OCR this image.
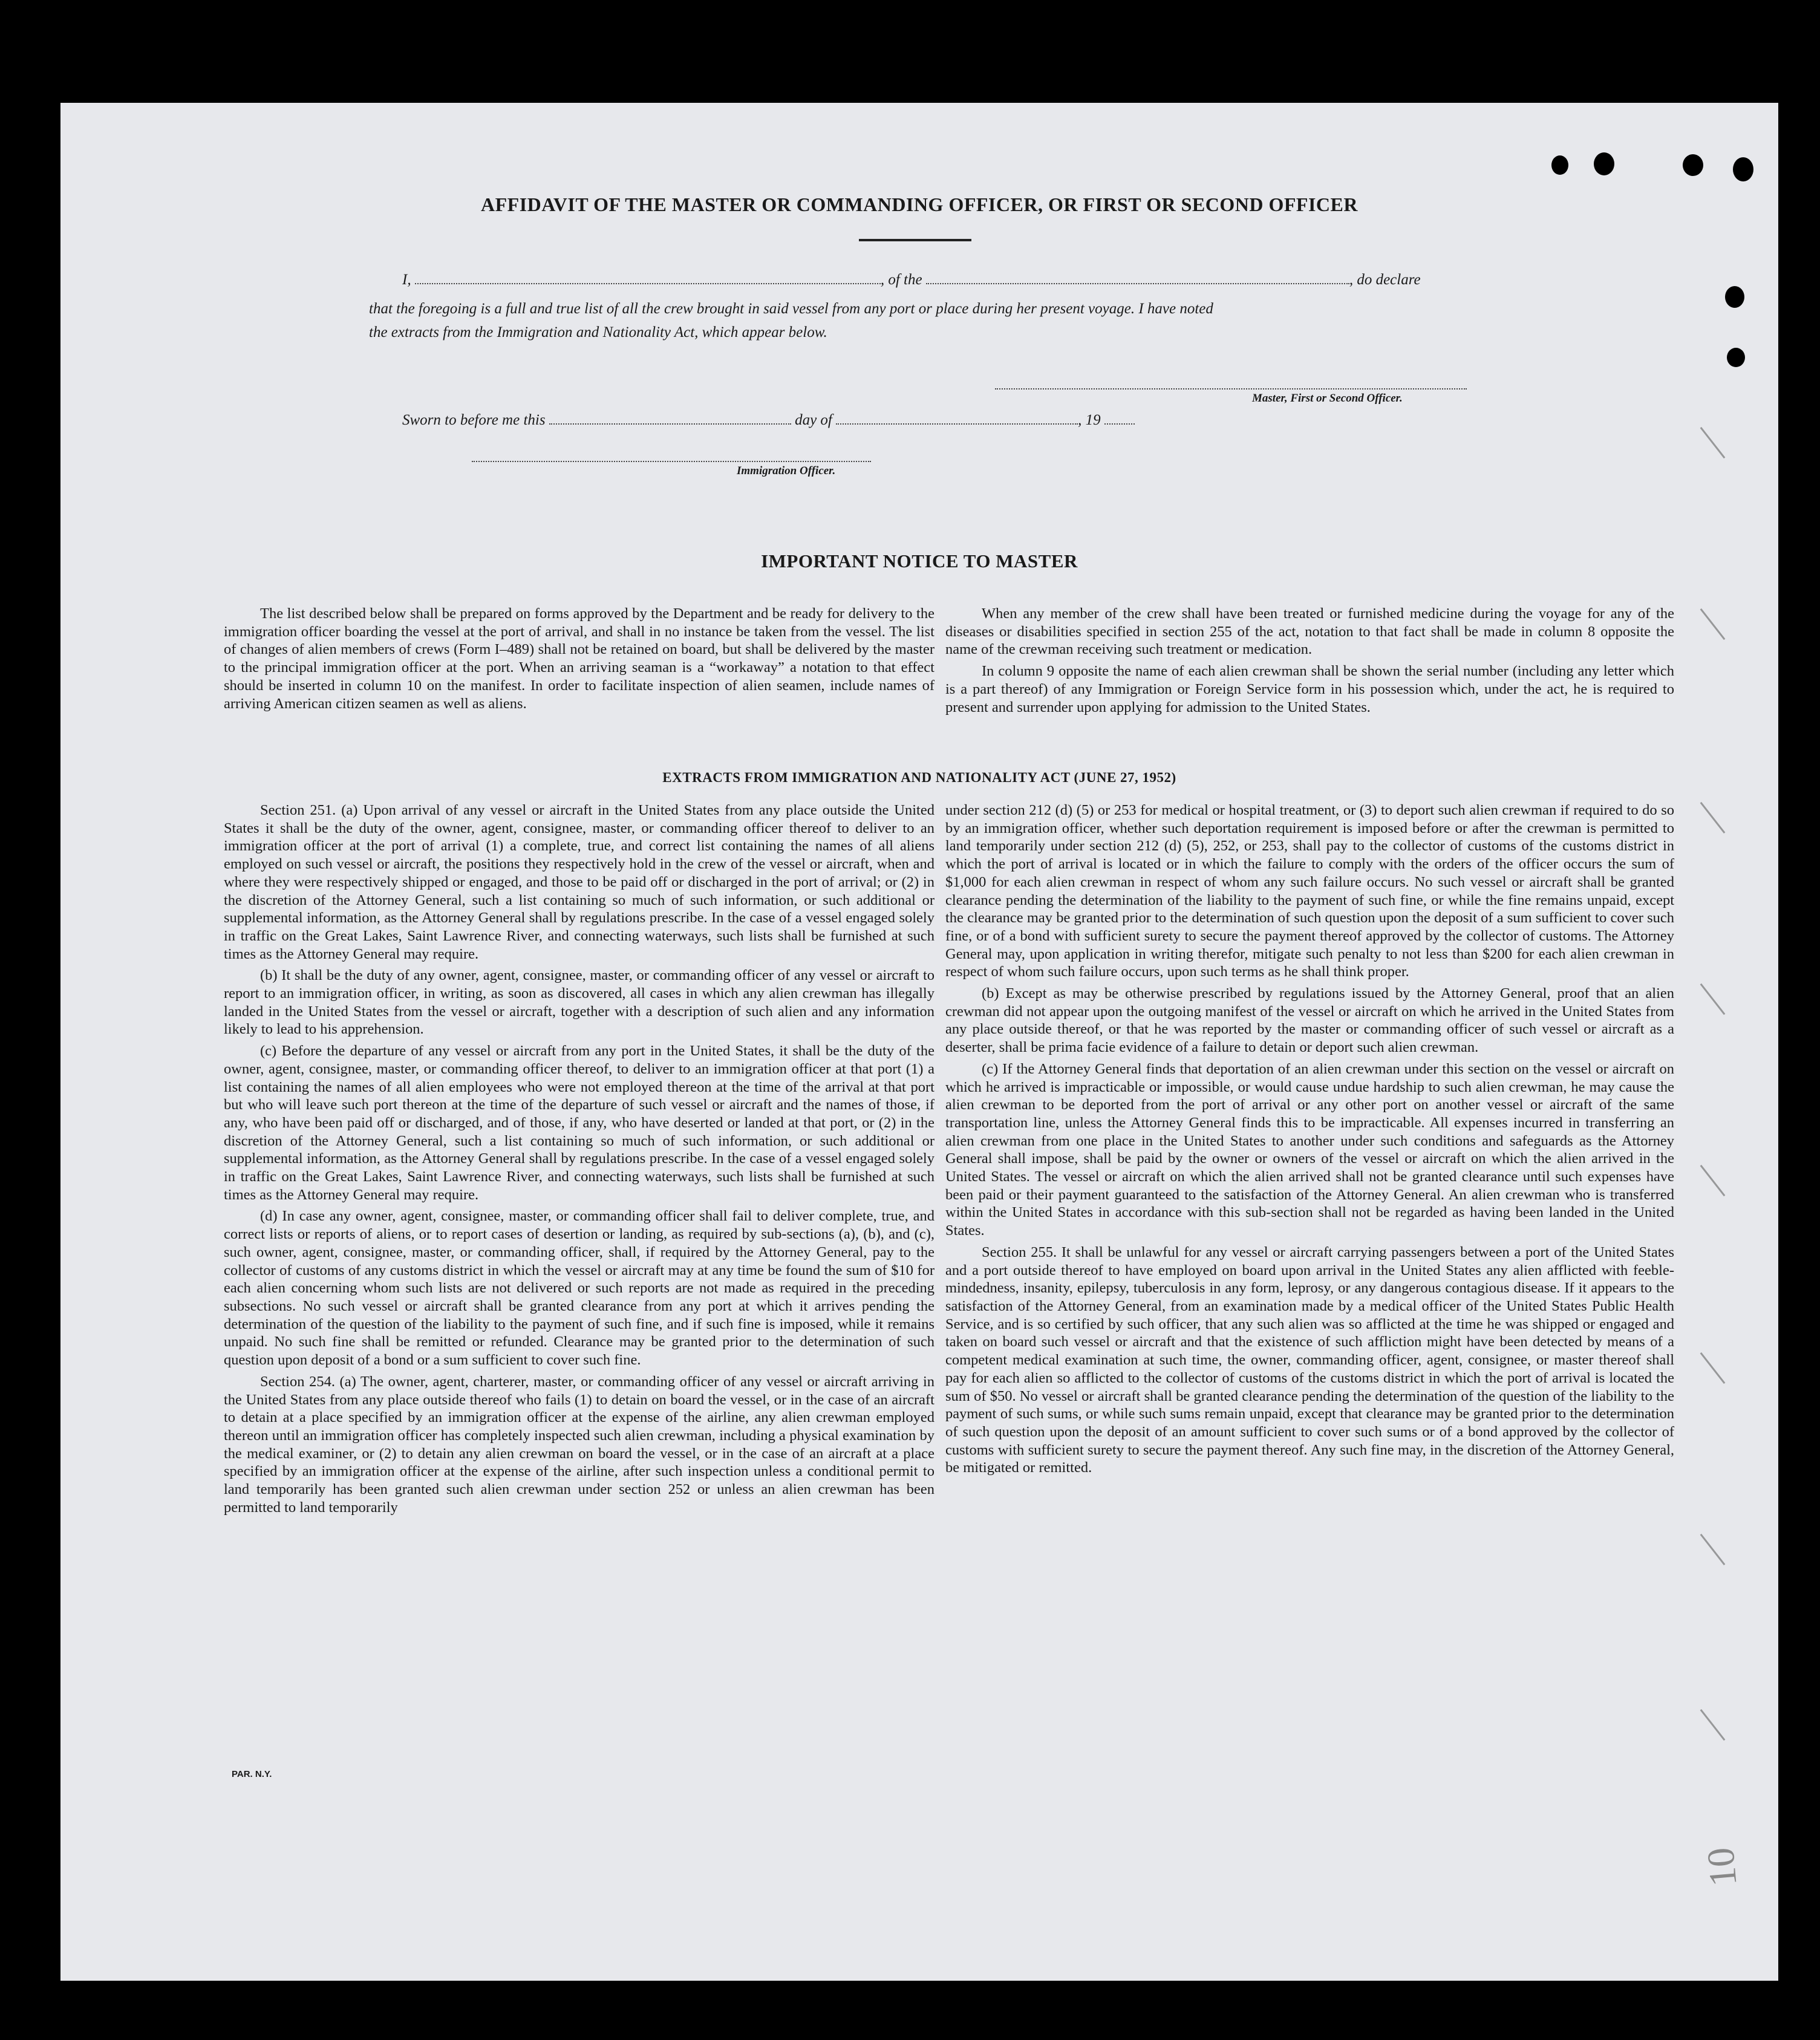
AFFIDAVIT OF THE MASTER OR COMMANDING OFFICER, OR FIRST OR SECOND OFFICER
I,	, of the	, do declare
that the foregoing is a full and true list of all the crew brought in said vessel from any port or place during her present voyage. I have noted
the extracts from the Immigration and Nationality Act, which appear below.
Master, First or Second Officer.
Sworn to before me this	day of	, 19
Immigration Officer.
IMPORTANT NOTICE TO MASTER

The list described below shall be prepared on forms approved by the Department and be ready for delivery to the immigration officer boarding the vessel at the port of arrival, and shall in no instance be taken from the vessel. The list of changes of alien members of crews (Form I–489) shall not be retained on board, but shall be delivered by the master to the principal immigration officer at the port. When an arriving seaman is a “workaway” a notation to that effect should be inserted in column 10 on the manifest. In order to facilitate inspection of alien seamen, include names of arriving American citizen seamen as well as aliens.

When any member of the crew shall have been treated or furnished medicine during the voyage for any of the diseases or disabilities specified in section 255 of the act, notation to that fact shall be made in column 8 opposite the name of the crewman receiving such treatment or medication.

In column 9 opposite the name of each alien crewman shall be shown the serial number (including any letter which is a part thereof) of any Immigration or Foreign Service form in his possession which, under the act, he is required to present and surrender upon applying for admission to the United States.

EXTRACTS FROM IMMIGRATION AND NATIONALITY ACT (JUNE 27, 1952)

Section 251. (a) Upon arrival of any vessel or aircraft in the United States from any place outside the United States it shall be the duty of the owner, agent, consignee, master, or commanding officer thereof to deliver to an immigration officer at the port of arrival (1) a complete, true, and correct list containing the names of all aliens employed on such vessel or aircraft, the positions they respectively hold in the crew of the vessel or aircraft, when and where they were respectively shipped or engaged, and those to be paid off or discharged in the port of arrival; or (2) in the discretion of the Attorney General, such a list containing so much of such information, or such additional or supplemental information, as the Attorney General shall by regulations prescribe. In the case of a vessel engaged solely in traffic on the Great Lakes, Saint Lawrence River, and connecting waterways, such lists shall be furnished at such times as the Attorney General may require.

(b) It shall be the duty of any owner, agent, consignee, master, or commanding officer of any vessel or aircraft to report to an immigration officer, in writing, as soon as discovered, all cases in which any alien crewman has illegally landed in the United States from the vessel or aircraft, together with a description of such alien and any information likely to lead to his apprehension.

(c) Before the departure of any vessel or aircraft from any port in the United States, it shall be the duty of the owner, agent, consignee, master, or commanding officer thereof, to deliver to an immigration officer at that port (1) a list containing the names of all alien employees who were not employed thereon at the time of the arrival at that port but who will leave such port thereon at the time of the departure of such vessel or aircraft and the names of those, if any, who have been paid off or discharged, and of those, if any, who have deserted or landed at that port, or (2) in the discretion of the Attorney General, such a list containing so much of such information, or such additional or supplemental information, as the Attorney General shall by regulations prescribe. In the case of a vessel engaged solely in traffic on the Great Lakes, Saint Lawrence River, and connecting waterways, such lists shall be furnished at such times as the Attorney General may require.

(d) In case any owner, agent, consignee, master, or commanding officer shall fail to deliver complete, true, and correct lists or reports of aliens, or to report cases of desertion or landing, as required by sub-sections (a), (b), and (c), such owner, agent, consignee, master, or commanding officer, shall, if required by the Attorney General, pay to the collector of customs of any customs district in which the vessel or aircraft may at any time be found the sum of $10 for each alien concerning whom such lists are not delivered or such reports are not made as required in the preceding subsections. No such vessel or aircraft shall be granted clearance from any port at which it arrives pending the determination of the question of the liability to the payment of such fine, and if such fine is imposed, while it remains unpaid. No such fine shall be remitted or refunded. Clearance may be granted prior to the determination of such question upon deposit of a bond or a sum sufficient to cover such fine.

Section 254. (a) The owner, agent, charterer, master, or commanding officer of any vessel or aircraft arriving in the United States from any place outside thereof who fails (1) to detain on board the vessel, or in the case of an aircraft to detain at a place specified by an immigration officer at the expense of the airline, any alien crewman employed thereon until an immigration officer has completely inspected such alien crewman, including a physical examination by the medical examiner, or (2) to detain any alien crewman on board the vessel, or in the case of an aircraft at a place specified by an immigration officer at the expense of the airline, after such inspection unless a conditional permit to land temporarily has been granted such alien crewman under section 252 or unless an alien crewman has been permitted to land temporarily

under section 212 (d) (5) or 253 for medical or hospital treatment, or (3) to deport such alien crewman if required to do so by an immigration officer, whether such deportation requirement is imposed before or after the crewman is permitted to land temporarily under section 212 (d) (5), 252, or 253, shall pay to the collector of customs of the customs district in which the port of arrival is located or in which the failure to comply with the orders of the officer occurs the sum of $1,000 for each alien crewman in respect of whom any such failure occurs. No such vessel or aircraft shall be granted clearance pending the determination of the liability to the payment of such fine, or while the fine remains unpaid, except the clearance may be granted prior to the determination of such question upon the deposit of a sum sufficient to cover such fine, or of a bond with sufficient surety to secure the payment thereof approved by the collector of customs. The Attorney General may, upon application in writing therefor, mitigate such penalty to not less than $200 for each alien crewman in respect of whom such failure occurs, upon such terms as he shall think proper.

(b) Except as may be otherwise prescribed by regulations issued by the Attorney General, proof that an alien crewman did not appear upon the outgoing manifest of the vessel or aircraft on which he arrived in the United States from any place outside thereof, or that he was reported by the master or commanding officer of such vessel or aircraft as a deserter, shall be prima facie evidence of a failure to detain or deport such alien crewman.

(c) If the Attorney General finds that deportation of an alien crewman under this section on the vessel or aircraft on which he arrived is impracticable or impossible, or would cause undue hardship to such alien crewman, he may cause the alien crewman to be deported from the port of arrival or any other port on another vessel or aircraft of the same transportation line, unless the Attorney General finds this to be impracticable. All expenses incurred in transferring an alien crewman from one place in the United States to another under such conditions and safeguards as the Attorney General shall impose, shall be paid by the owner or owners of the vessel or aircraft on which the alien arrived in the United States. The vessel or aircraft on which the alien arrived shall not be granted clearance until such expenses have been paid or their payment guaranteed to the satisfaction of the Attorney General. An alien crewman who is transferred within the United States in accordance with this sub-section shall not be regarded as having been landed in the United States.

Section 255. It shall be unlawful for any vessel or aircraft carrying passengers between a port of the United States and a port outside thereof to have employed on board upon arrival in the United States any alien afflicted with feeble-mindedness, insanity, epilepsy, tuberculosis in any form, leprosy, or any dangerous contagious disease. If it appears to the satisfaction of the Attorney General, from an examination made by a medical officer of the United States Public Health Service, and is so certified by such officer, that any such alien was so afflicted at the time he was shipped or engaged and taken on board such vessel or aircraft and that the existence of such affliction might have been detected by means of a competent medical examination at such time, the owner, commanding officer, agent, consignee, or master thereof shall pay for each alien so afflicted to the collector of customs of the customs district in which the port of arrival is located the sum of $50. No vessel or aircraft shall be granted clearance pending the determination of the question of the liability to the payment of such sums, or while such sums remain unpaid, except that clearance may be granted prior to the determination of such question upon the deposit of an amount sufficient to cover such sums or of a bond approved by the collector of customs with sufficient surety to secure the payment thereof. Any such fine may, in the discretion of the Attorney General, be mitigated or remitted.

PAR. N.Y.
10
